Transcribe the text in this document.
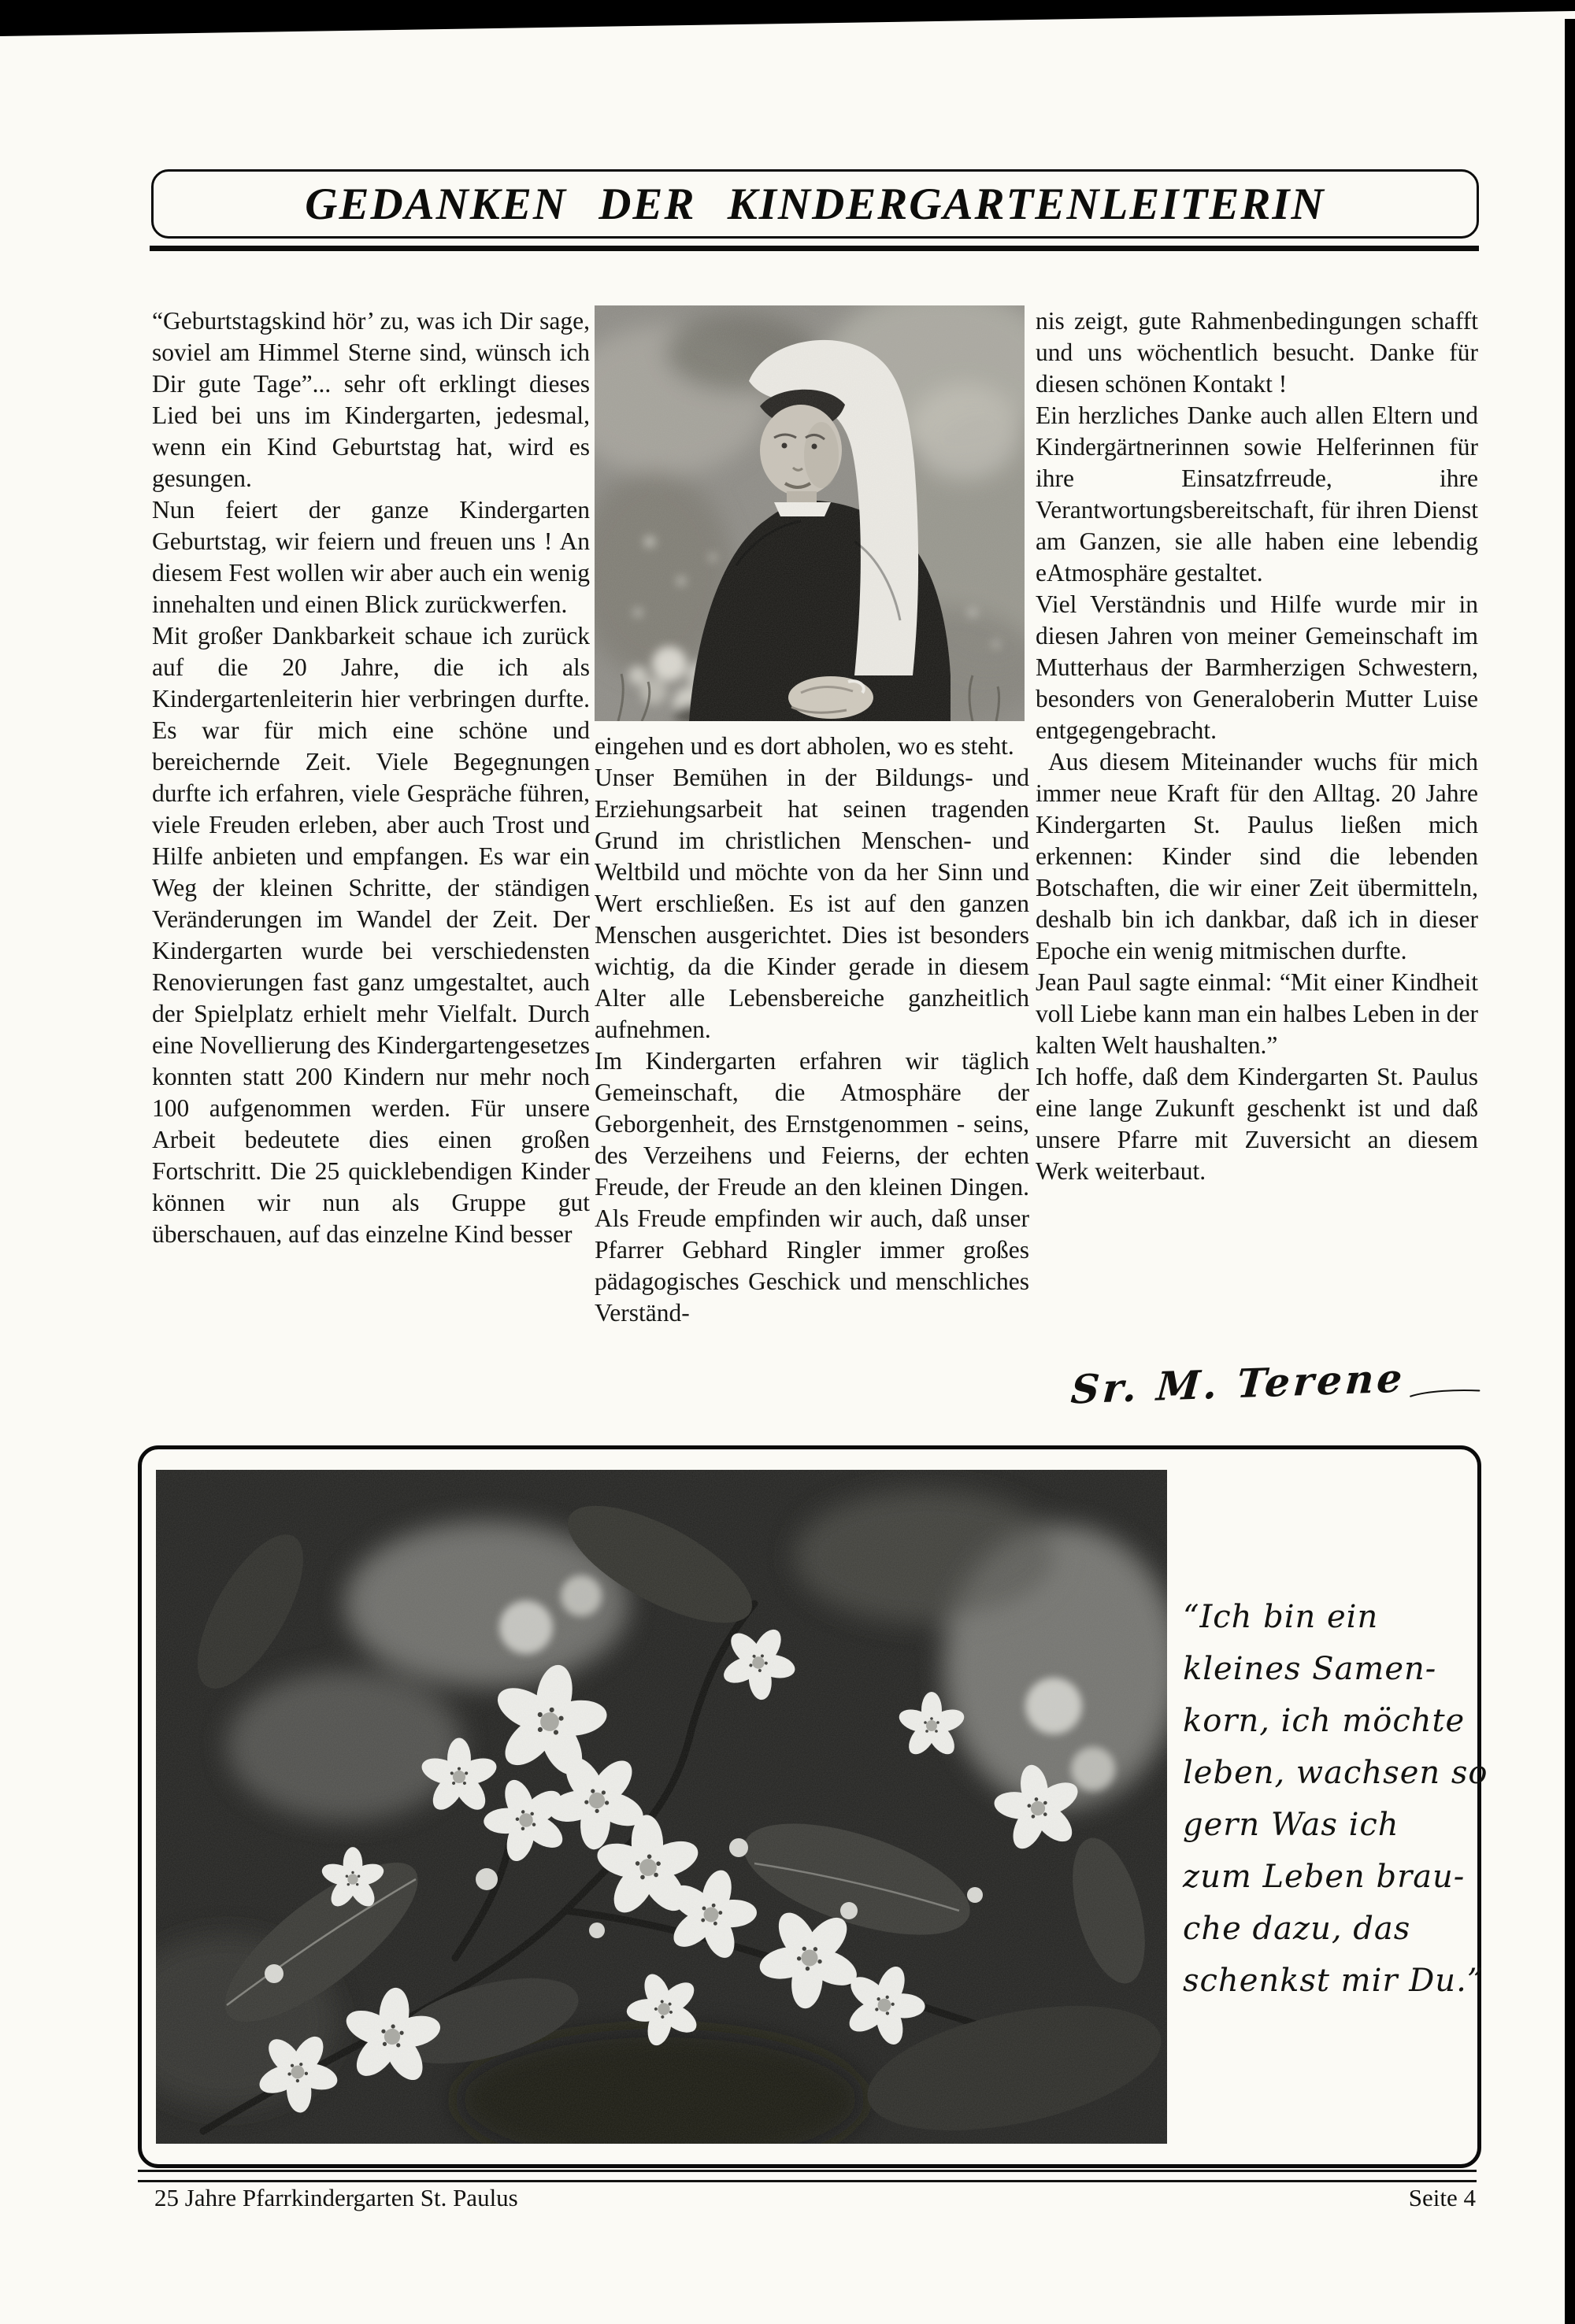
GEDANKEN DER KINDERGARTENLEITERIN

“Geburtstagskind hör’ zu, was ich Dir sage, soviel am Himmel Sterne sind, wünsch ich Dir gute Tage”... sehr oft erklingt dieses Lied bei uns im Kindergarten, jedesmal, wenn ein Kind Geburtstag hat, wird es gesungen.

Nun feiert der ganze Kindergarten Geburtstag, wir feiern und freuen uns ! An diesem Fest wollen wir aber auch ein wenig innehalten und einen Blick zurückwerfen.

Mit großer Dankbarkeit schaue ich zurück auf die 20 Jahre, die ich als Kindergartenleiterin hier verbringen durfte. Es war für mich eine schöne und bereichernde Zeit. Viele Begegnungen durfte ich erfahren, viele Gespräche führen, viele Freuden erleben, aber auch Trost und Hilfe anbieten und empfangen. Es war ein Weg der kleinen Schritte, der ständigen Veränderungen im Wandel der Zeit. Der Kindergarten wurde bei verschiedensten Renovierungen fast ganz umgestaltet, auch der Spielplatz erhielt mehr Vielfalt. Durch eine Novellierung des Kindergartengesetzes konnten statt 200 Kindern nur mehr noch 100 aufgenommen werden. Für unsere Arbeit bedeutete dies einen großen Fortschritt. Die 25 quicklebendigen Kinder können wir nun als Gruppe gut überschauen, auf das einzelne Kind besser

eingehen und es dort abholen, wo es steht.

Unser Bemühen in der Bildungs- und Erziehungsarbeit hat seinen tragenden Grund im christlichen Menschen- und Weltbild und möchte von da her Sinn und Wert erschließen. Es ist auf den ganzen Menschen ausgerichtet. Dies ist besonders wichtig, da die Kinder gerade in diesem Alter alle Lebensbereiche ganzheitlich aufnehmen.

Im Kindergarten erfahren wir täglich Gemeinschaft, die Atmosphäre der Geborgenheit, des Ernstgenommen - seins, des Verzeihens und Feierns, der echten Freude, der Freude an den kleinen Dingen. Als Freude empfinden wir auch, daß unser Pfarrer Gebhard Ringler immer großes pädagogisches Geschick und menschliches Verständ-

nis zeigt, gute Rahmenbedingungen schafft und uns wöchentlich besucht. Danke für diesen schönen Kontakt !

Ein herzliches Danke auch allen Eltern und Kindergärtnerinnen sowie Helferinnen für ihre Einsatzfrreude, ihre Verantwortungsbereitschaft, für ihren Dienst am Ganzen, sie alle haben eine lebendig eAtmosphäre gestaltet.

Viel Verständnis und Hilfe wurde mir in diesen Jahren von meiner Gemeinschaft im Mutterhaus der Barmherzigen Schwestern, besonders von Generaloberin Mutter Luise entgegengebracht.

Aus diesem Miteinander wuchs für mich immer neue Kraft für den Alltag. 20 Jahre Kindergarten St. Paulus ließen mich erkennen: Kinder sind die lebenden Botschaften, die wir einer Zeit übermitteln, deshalb bin ich dankbar, daß ich in dieser Epoche ein wenig mitmischen durfte.

Jean Paul sagte einmal: “Mit einer Kindheit voll Liebe kann man ein halbes Leben in der kalten Welt haushalten.”

Ich hoffe, daß dem Kindergarten St. Paulus eine lange Zukunft geschenkt ist und daß unsere Pfarre mit Zuversicht an diesem Werk weiterbaut.

Sr. M. Terene
“Ich bin ein
kleines Samen-
korn, ich möchte
leben, wachsen so
gern Was ich
zum Leben brau-
che dazu, das
schenkst mir Du.”
25 Jahre Pfarrkindergarten St. Paulus	Seite 4
